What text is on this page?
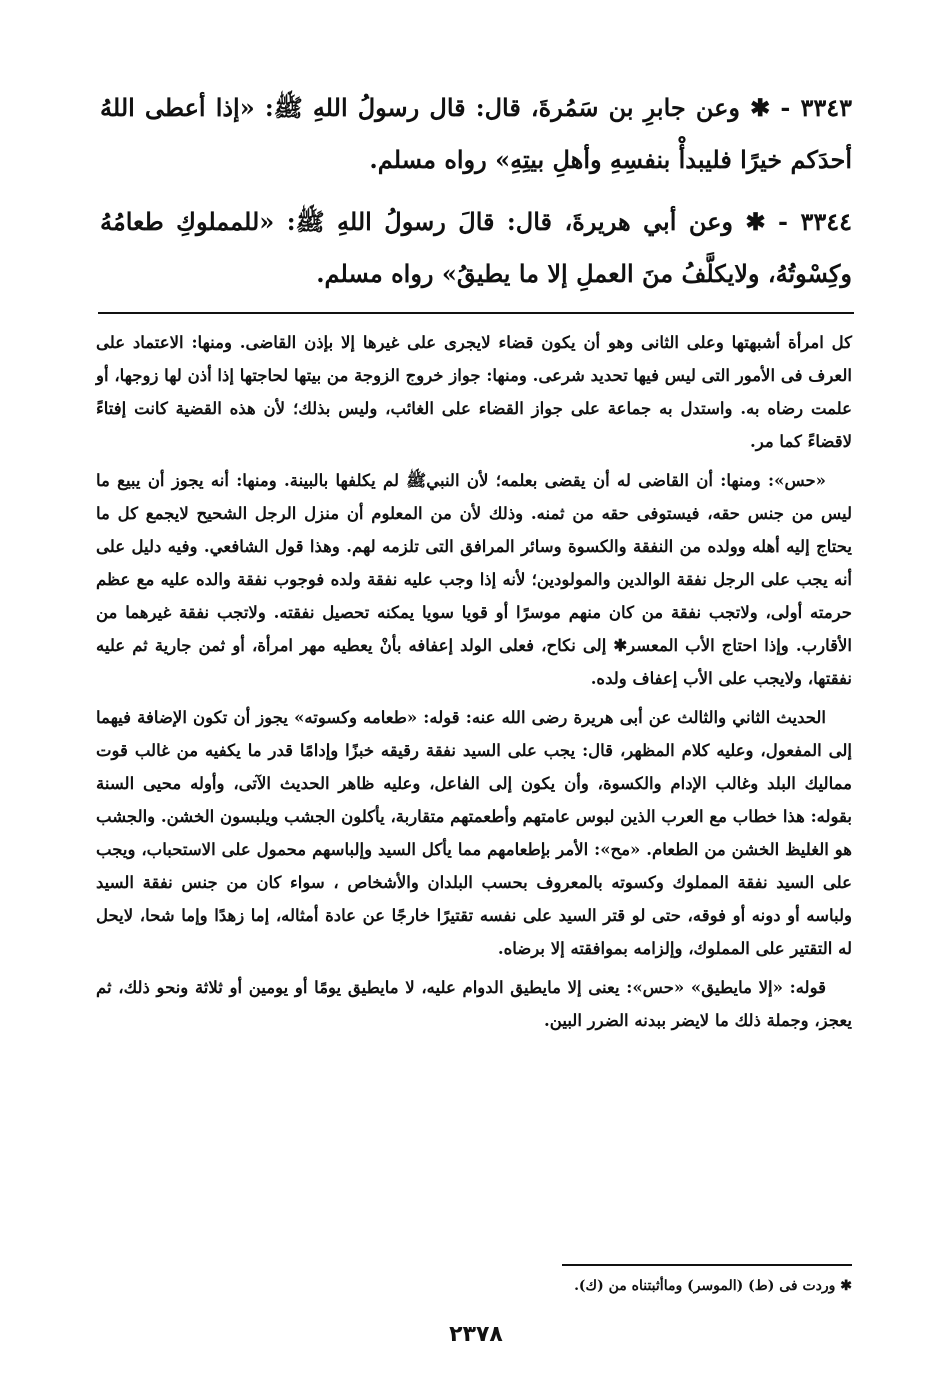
٣٣٤٣ - ✱ وعن جابرِ بن سَمُرةَ، قال: قال رسولُ اللهِ ﷺ: «إذا أعطى اللهُ أحدَكم خيرًا فليبدأْ بنفسِهِ وأهلِ بيتِهِ» رواه مسلم.

٣٣٤٤ - ✱ وعن أبي هريرةَ، قال: قالَ رسولُ اللهِ ﷺ: «للمملوكِ طعامُهُ وكِسْوتُهُ، ولايكلَّفُ منَ العملِ إلا ما يطيقُ» رواه مسلم.

كل امرأة أشبهتها وعلى الثانى وهو أن يكون قضاء لايجرى على غيرها إلا بإذن القاضى. ومنها: الاعتماد على العرف فى الأمور التى ليس فيها تحديد شرعى. ومنها: جواز خروج الزوجة من بيتها لحاجتها إذا أذن لها زوجها، أو علمت رضاه به. واستدل به جماعة على جواز القضاء على الغائب، وليس بذلك؛ لأن هذه القضية كانت إفتاءً لاقضاءً كما مر.

«حس»: ومنها: أن القاضى له أن يقضى بعلمه؛ لأن النبيﷺ لم يكلفها بالبينة. ومنها: أنه يجوز أن يبيع ما ليس من جنس حقه، فيستوفى حقه من ثمنه. وذلك لأن من المعلوم أن منزل الرجل الشحيح لايجمع كل ما يحتاج إليه أهله وولده من النفقة والكسوة وسائر المرافق التى تلزمه لهم. وهذا قول الشافعي. وفيه دليل على أنه يجب على الرجل نفقة الوالدين والمولودين؛ لأنه إذا وجب عليه نفقة ولده فوجوب نفقة والده عليه مع عظم حرمته أولى، ولاتجب نفقة من كان منهم موسرًا أو قويا سويا يمكنه تحصيل نفقته. ولاتجب نفقة غيرهما من الأقارب. وإذا احتاج الأب المعسر✱ إلى نكاح، فعلى الولد إعفافه بأنْ يعطيه مهر امرأة، أو ثمن جارية ثم عليه نفقتها، ولايجب على الأب إعفاف ولده.

الحديث الثاني والثالث عن أبى هريرة رضى الله عنه: قوله: «طعامه وكسوته» يجوز أن تكون الإضافة فيهما إلى المفعول، وعليه كلام المظهر، قال: يجب على السيد نفقة رقيقه خبزًا وإدامًا قدر ما يكفيه من غالب قوت مماليك البلد وغالب الإدام والكسوة، وأن يكون إلى الفاعل، وعليه ظاهر الحديث الآتى، وأوله محيى السنة بقوله: هذا خطاب مع العرب الذين لبوس عامتهم وأطعمتهم متقاربة، يأكلون الجشب ويلبسون الخشن. والجشب هو الغليظ الخشن من الطعام. «مح»: الأمر بإطعامهم مما يأكل السيد وإلباسهم محمول على الاستحباب، ويجب على السيد نفقة المملوك وكسوته بالمعروف بحسب البلدان والأشخاص ، سواء كان من جنس نفقة السيد ولباسه أو دونه أو فوقه، حتى لو قتر السيد على نفسه تقتيرًا خارجًا عن عادة أمثاله، إما زهدًا وإما شحا، لايحل له التقتير على المملوك، وإلزامه بموافقته إلا برضاه.

قوله: «إلا مايطيق» «حس»: يعنى إلا مايطيق الدوام عليه، لا مايطيق يومًا أو يومين أو ثلاثة ونحو ذلك، ثم يعجز، وجملة ذلك ما لايضر ببدنه الضرر البين.

✱ وردت فى (ط) (الموسر) وماأثبتناه من (ك).
٢٣٧٨
